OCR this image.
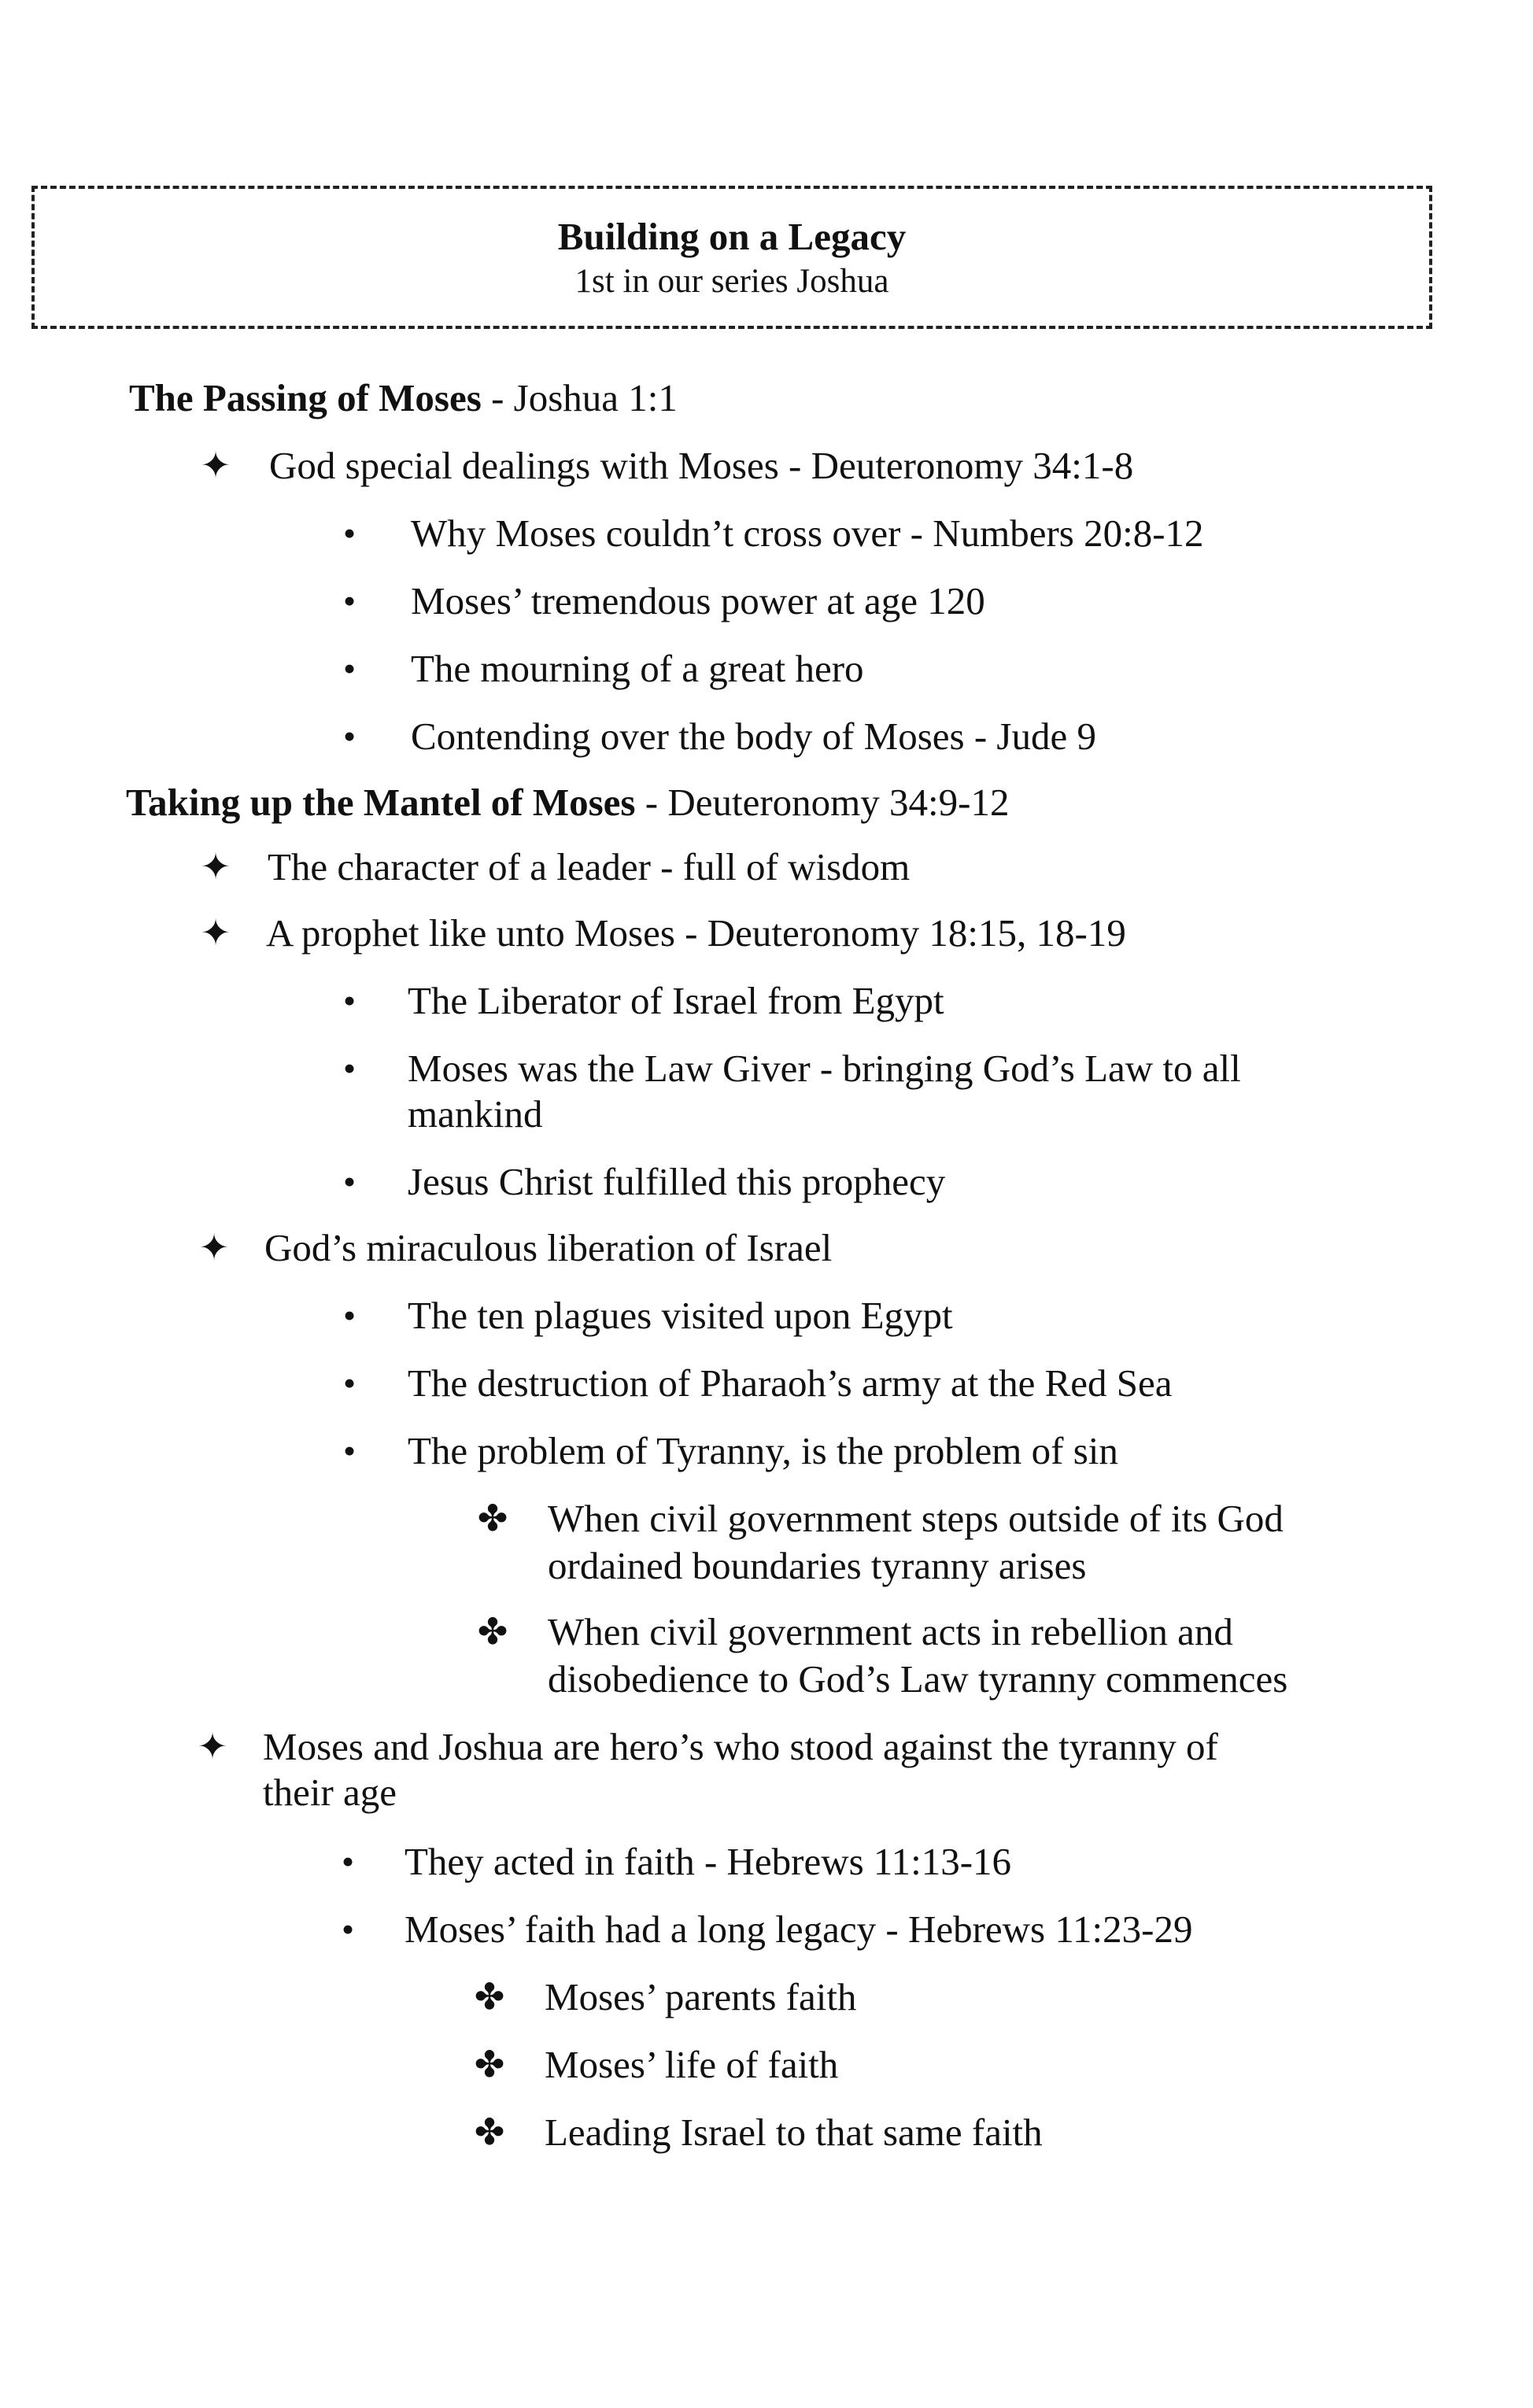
Building on a Legacy
1st in our series Joshua
The Passing of Moses - Joshua 1:1
✦ God special dealings with Moses - Deuteronomy 34:1-8
•	Why Moses couldn’t cross over - Numbers 20:8-12
•	Moses’ tremendous power at age 120
•	The mourning of a great hero
•	Contending over the body of Moses - Jude 9
Taking up the Mantel of Moses - Deuteronomy 34:9-12
✦ The character of a leader - full of wisdom
✦ A prophet like unto Moses - Deuteronomy 18:15, 18-19
•	The Liberator of Israel from Egypt
•	Moses was the Law Giver - bringing God’s Law to all
mankind
•	Jesus Christ fulfilled this prophecy
✦ God’s miraculous liberation of Israel
•	The ten plagues visited upon Egypt
•	The destruction of Pharaoh’s army at the Red Sea
•	The problem of Tyranny, is the problem of sin
✤ When civil government steps outside of its God
ordained boundaries tyranny arises
✤ When civil government acts in rebellion and
disobedience to God’s Law tyranny commences
✦ Moses and Joshua are hero’s who stood against the tyranny of
their age
•	They acted in faith - Hebrews 11:13-16
•	Moses’ faith had a long legacy - Hebrews 11:23-29
✤ Moses’ parents faith
✤ Moses’ life of faith
✤ Leading Israel to that same faith
